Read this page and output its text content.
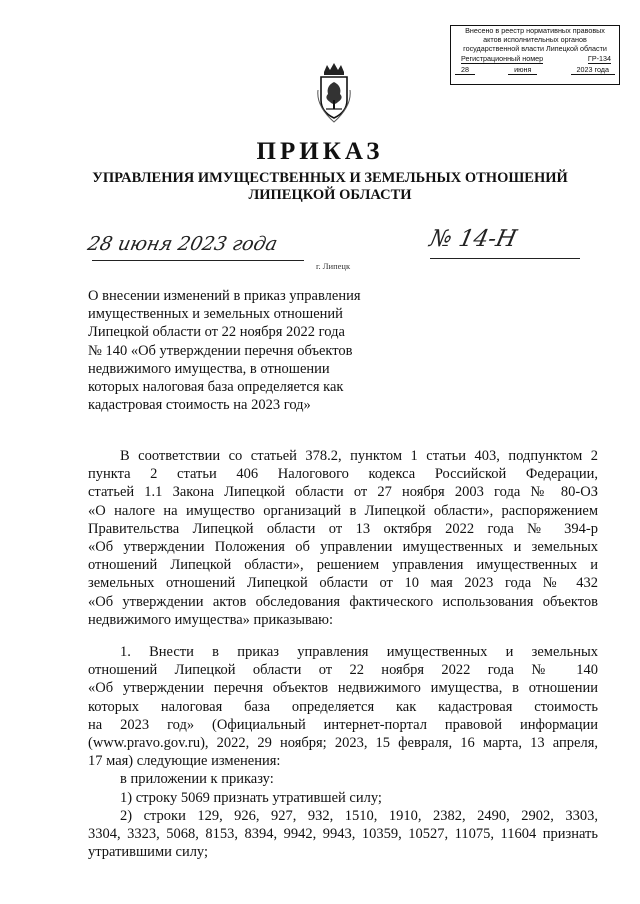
Внесено в реестр нормативных правовых
актов исполнительных органов
государственной власти Липецкой области
Регистрационный номер	ГР-134
28	июня	2023 года
ПРИКАЗ
УПРАВЛЕНИЯ ИМУЩЕСТВЕННЫХ И ЗЕМЕЛЬНЫХ ОТНОШЕНИЙ
ЛИПЕЦКОЙ ОБЛАСТИ
28 июня 2023 года
г. Липецк
№ 14-Н
О внесении изменений в приказ управления
имущественных и земельных отношений
Липецкой области от 22 ноября 2022 года
№ 140 «Об утверждении перечня объектов
недвижимого имущества, в отношении
которых налоговая база определяется как
кадастровая стоимость на 2023 год»
В соответствии со статьей 378.2, пунктом 1 статьи 403, подпунктом 2
пункта 2 статьи 406 Налогового кодекса Российской Федерации,
статьей 1.1 Закона Липецкой области от 27 ноября 2003 года № 80-ОЗ
«О налоге на имущество организаций в Липецкой области», распоряжением
Правительства Липецкой области от 13 октября 2022 года № 394-р
«Об утверждении Положения об управлении имущественных и земельных
отношений Липецкой области», решением управления имущественных и
земельных отношений Липецкой области от 10 мая 2023 года № 432
«Об утверждении актов обследования фактического использования объектов
недвижимого имущества» приказываю:
1. Внести в приказ управления имущественных и земельных
отношений Липецкой области от 22 ноября 2022 года № 140
«Об утверждении перечня объектов недвижимого имущества, в отношении
которых налоговая база определяется как кадастровая стоимость
на 2023 год» (Официальный интернет-портал правовой информации
(www.pravo.gov.ru), 2022, 29 ноября; 2023, 15 февраля, 16 марта, 13 апреля,
17 мая) следующие изменения:
в приложении к приказу:
1) строку 5069 признать утратившей силу;
2) строки 129, 926, 927, 932, 1510, 1910, 2382, 2490, 2902, 3303,
3304, 3323, 5068, 8153, 8394, 9942, 9943, 10359, 10527, 11075, 11604 признать
утратившими силу;
